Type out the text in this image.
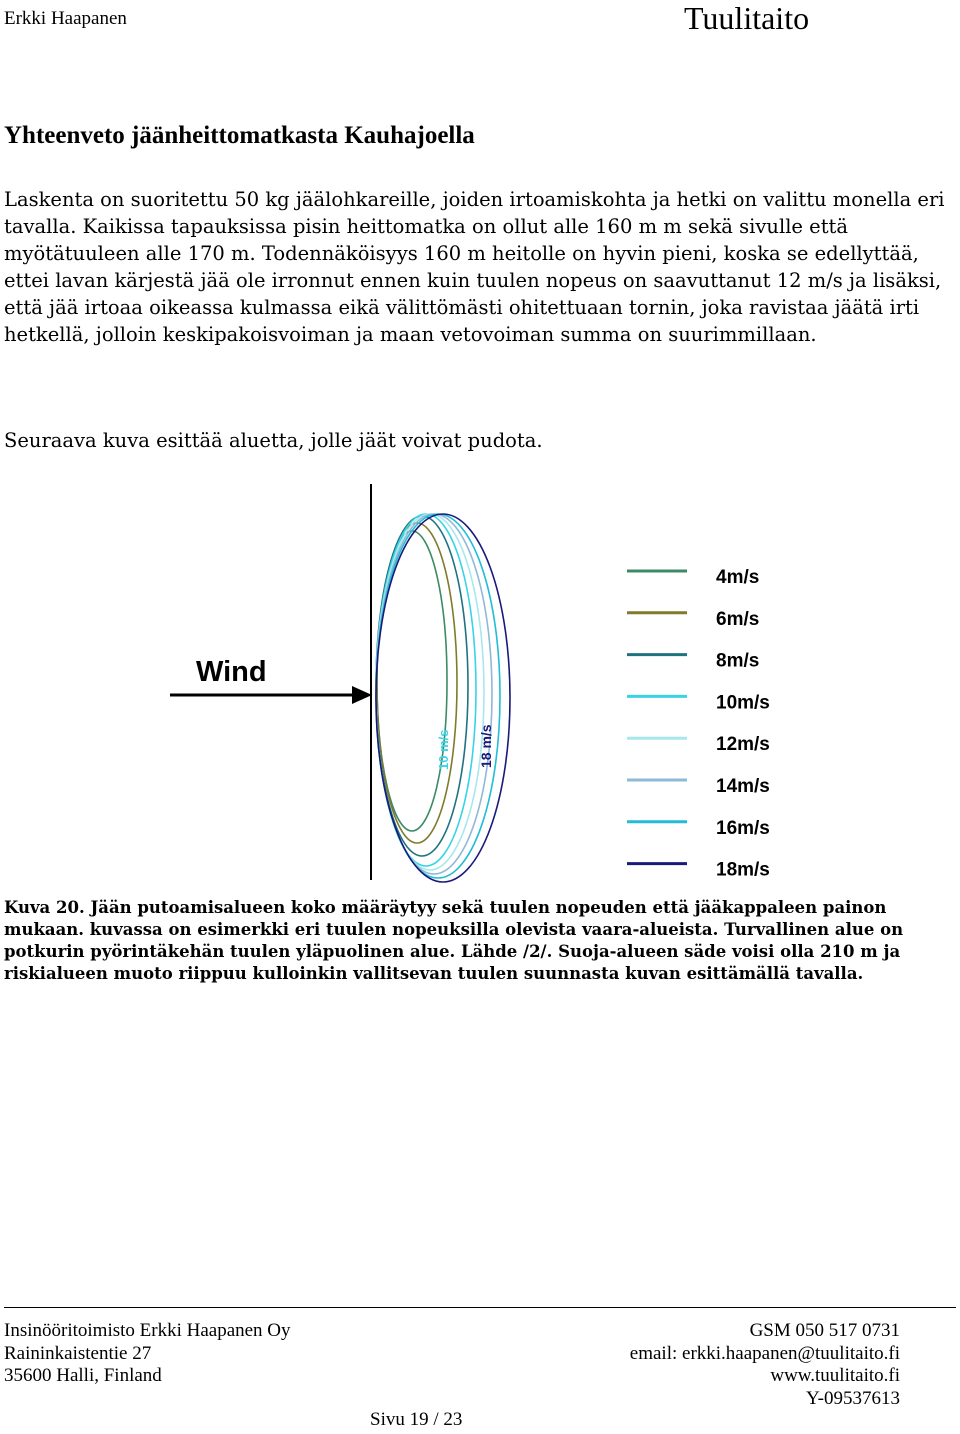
Erkki Haapanen	Tuulitaito
Yhteenveto jäänheittomatkasta Kauhajoella

Laskenta on suoritettu 50 kg jäälohkareille, joiden irtoamiskohta ja hetki on valittu monella eri tavalla. Kaikissa tapauksissa pisin heittomatka on ollut alle 160 m m sekä sivulle että myötätuuleen alle 170 m. Todennäköisyys 160 m heitolle on hyvin pieni, koska se edellyttää, ettei lavan kärjestä jää ole irronnut ennen kuin tuulen nopeus on saavuttanut 12 m/s ja lisäksi, että jää irtoaa oikeassa kulmassa eikä välittömästi ohitettuaan tornin, joka ravistaa jäätä irti hetkellä, jolloin keskipakoisvoiman ja maan vetovoiman summa on suurimmillaan.

Seuraava kuva esittää aluetta, jolle jäät voivat pudota.

Wind
10 m/s 18 m/s
4m/s
6m/s
8m/s
10m/s
12m/s
14m/s
16m/s
18m/s

Kuva 20. Jään putoamisalueen koko määräytyy sekä tuulen nopeuden että jääkappaleen painon mukaan. kuvassa on esimerkki eri tuulen nopeuksilla olevista vaara-alueista. Turvallinen alue on potkurin pyörintäkehän tuulen yläpuolinen alue. Lähde /2/. Suoja-alueen säde voisi olla 210 m ja riskialueen muoto riippuu kulloinkin vallitsevan tuulen suunnasta kuvan esittämällä tavalla.

Insinööritoimisto Erkki Haapanen Oy
Raininkaistentie 27
35600 Halli, Finland
GSM 050 517 0731
email: erkki.haapanen@tuulitaito.fi
www.tuulitaito.fi
Y-09537613
Sivu 19 / 23
